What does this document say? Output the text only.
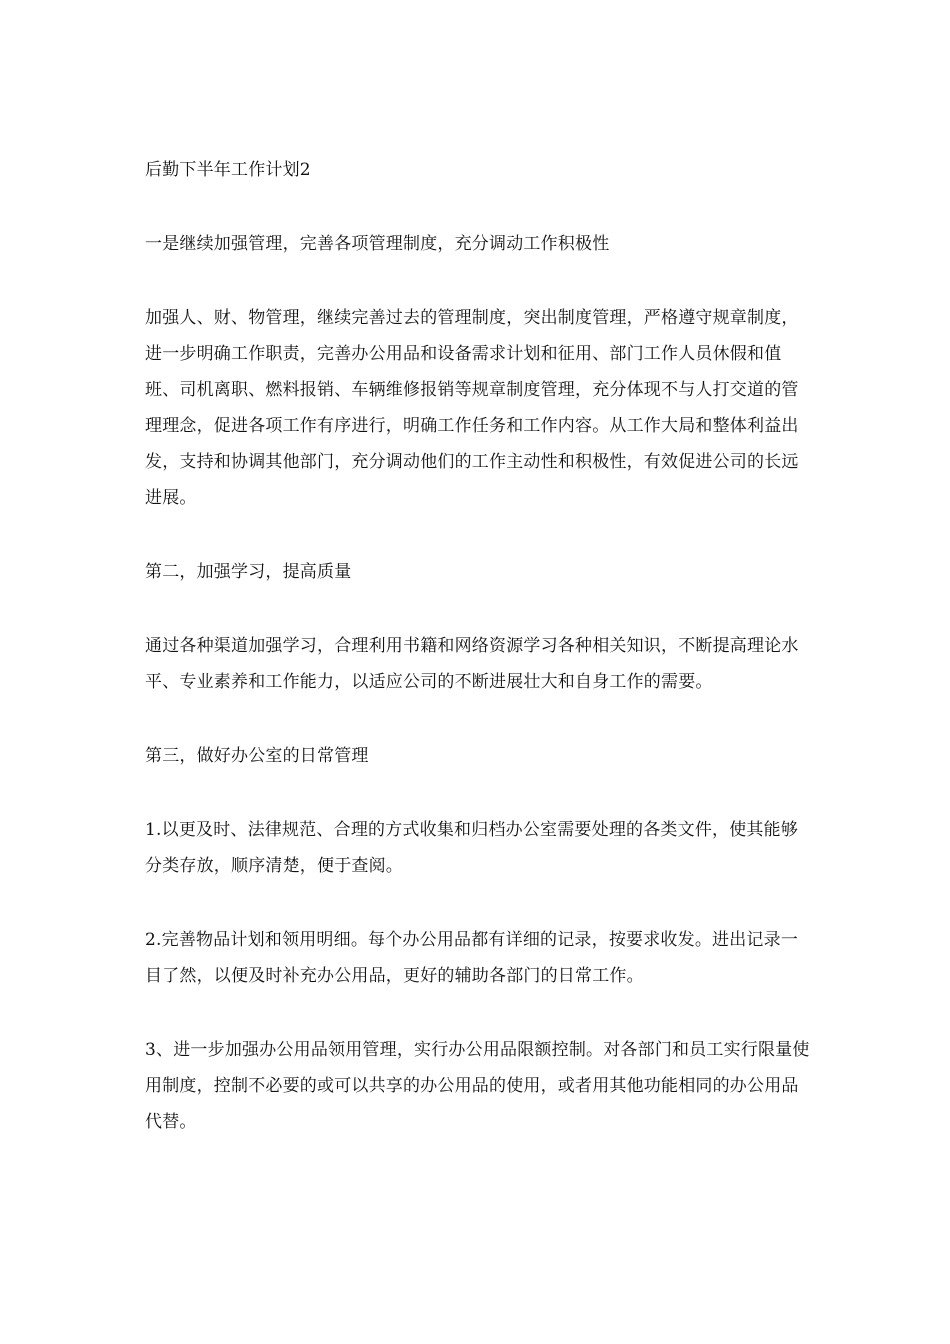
后勤下半年工作计划2

一是继续加强管理，完善各项管理制度，充分调动工作积极性

加强人、财、物管理，继续完善过去的管理制度，突出制度管理，严格遵守规章制度，进一步明确工作职责，完善办公用品和设备需求计划和征用、部门工作人员休假和值班、司机离职、燃料报销、车辆维修报销等规章制度管理，充分体现不与人打交道的管理理念，促进各项工作有序进行，明确工作任务和工作内容。从工作大局和整体利益出发，支持和协调其他部门，充分调动他们的工作主动性和积极性，有效促进公司的长远进展。

第二，加强学习，提高质量

通过各种渠道加强学习，合理利用书籍和网络资源学习各种相关知识，不断提高理论水平、专业素养和工作能力，以适应公司的不断进展壮大和自身工作的需要。

第三，做好办公室的日常管理

1.以更及时、法律规范、合理的方式收集和归档办公室需要处理的各类文件，使其能够分类存放，顺序清楚，便于查阅。

2.完善物品计划和领用明细。每个办公用品都有详细的记录，按要求收发。进出记录一目了然，以便及时补充办公用品，更好的辅助各部门的日常工作。

3、进一步加强办公用品领用管理，实行办公用品限额控制。对各部门和员工实行限量使用制度，控制不必要的或可以共享的办公用品的使用，或者用其他功能相同的办公用品代替。
